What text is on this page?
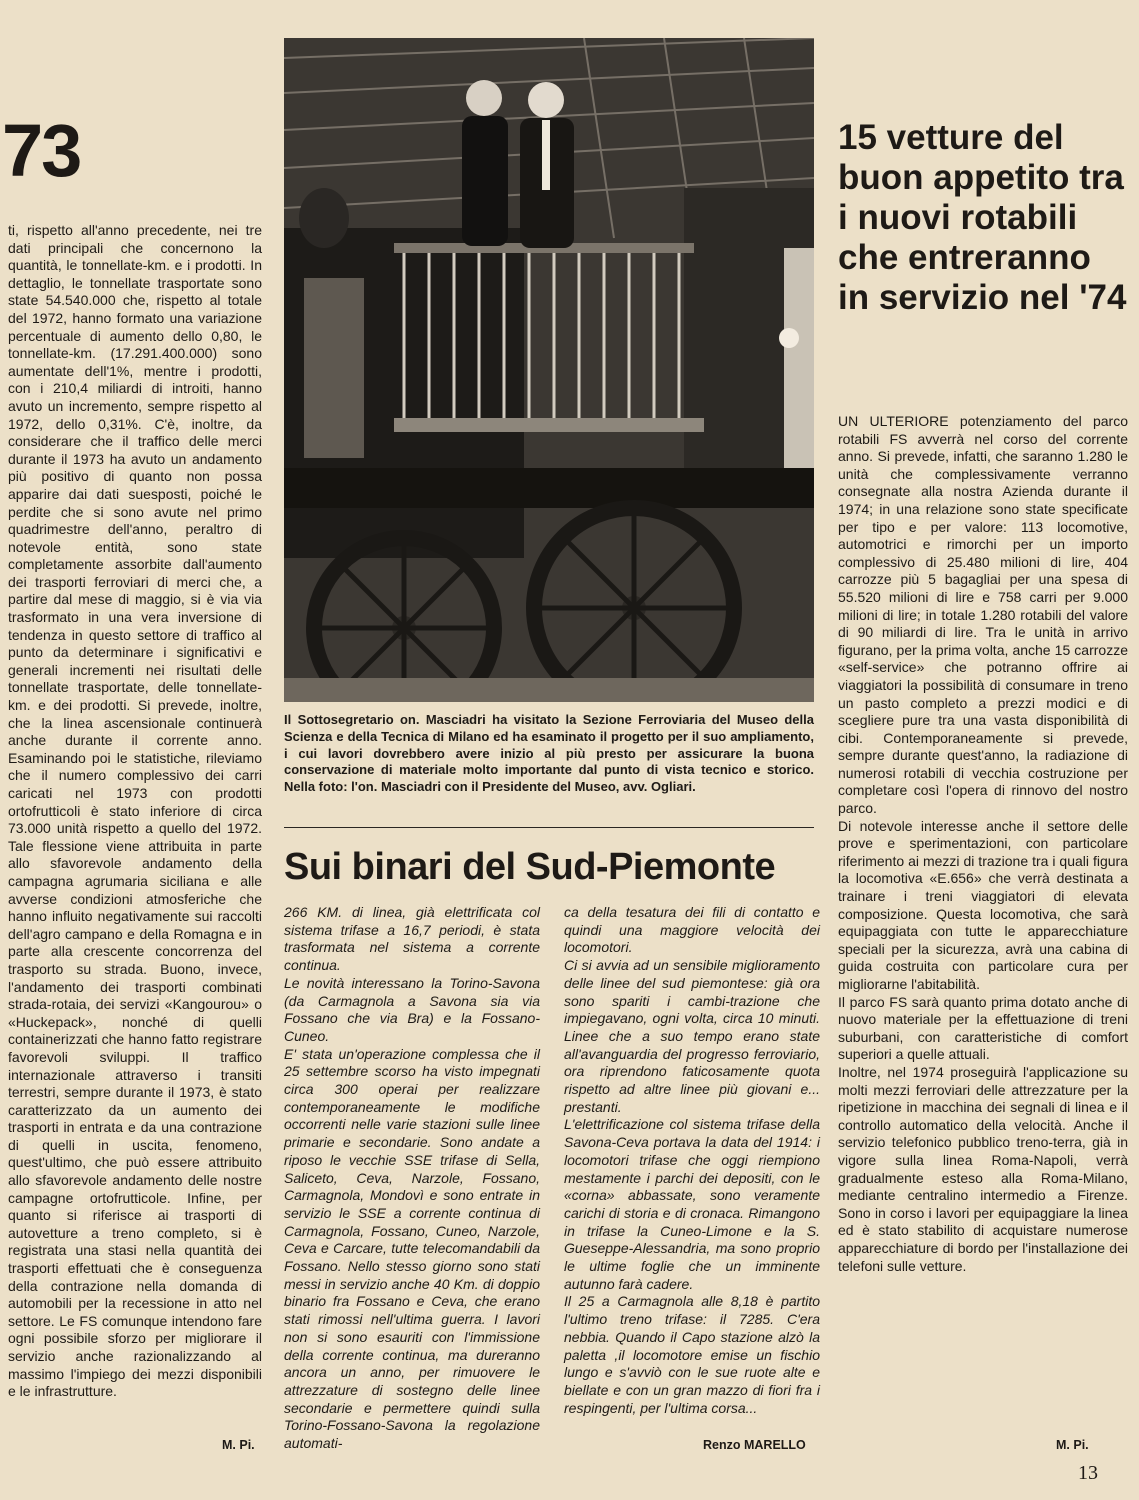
73

ti, rispetto all'anno precedente, nei tre dati principali che concernono la quantità, le tonnellate-km. e i prodotti. In dettaglio, le tonnellate trasportate sono state 54.540.000 che, rispetto al totale del 1972, hanno formato una variazione percentuale di aumento dello 0,80, le tonnellate-km. (17.291.400.000) sono aumentate dell'1%, mentre i prodotti, con i 210,4 miliardi di introiti, hanno avuto un incremento, sempre rispetto al 1972, dello 0,31%. C'è, inoltre, da considerare che il traffico delle merci durante il 1973 ha avuto un andamento più positivo di quanto non possa apparire dai dati suesposti, poiché le perdite che si sono avute nel primo quadrimestre dell'anno, peraltro di notevole entità, sono state completamente assorbite dall'aumento dei trasporti ferroviari di merci che, a partire dal mese di maggio, si è via via trasformato in una vera inversione di tendenza in questo settore di traffico al punto da determinare i significativi e generali incrementi nei risultati delle tonnellate trasportate, delle tonnellate-km. e dei prodotti. Si prevede, inoltre, che la linea ascensionale continuerà anche durante il corrente anno. Esaminando poi le statistiche, rileviamo che il numero complessivo dei carri caricati nel 1973 con prodotti ortofrutticoli è stato inferiore di circa 73.000 unità rispetto a quello del 1972. Tale flessione viene attribuita in parte allo sfavorevole andamento della campagna agrumaria siciliana e alle avverse condizioni atmosferiche che hanno influito negativamente sui raccolti dell'agro campano e della Romagna e in parte alla crescente concorrenza del trasporto su strada. Buono, invece, l'andamento dei trasporti combinati strada-rotaia, dei servizi «Kangourou» o «Huckepack», nonché di quelli containerizzati che hanno fatto registrare favorevoli sviluppi. Il traffico internazionale attraverso i transiti terrestri, sempre durante il 1973, è stato caratterizzato da un aumento dei trasporti in entrata e da una contrazione di quelli in uscita, fenomeno, quest'ultimo, che può essere attribuito allo sfavorevole andamento delle nostre campagne ortofrutticole. Infine, per quanto si riferisce ai trasporti di autovetture a treno completo, si è registrata una stasi nella quantità dei trasporti effettuati che è conseguenza della contrazione nella domanda di automobili per la recessione in atto nel settore. Le FS comunque intendono fare ogni possibile sforzo per migliorare il servizio anche razionalizzando al massimo l'impiego dei mezzi disponibili e le infrastrutture.

M. Pi.

Il Sottosegretario on. Masciadri ha visitato la Sezione Ferroviaria del Museo della Scienza e della Tecnica di Milano ed ha esaminato il progetto per il suo ampliamento, i cui lavori dovrebbero avere inizio al più presto per assicurare la buona conservazione di materiale molto importante dal punto di vista tecnico e storico. Nella foto: l'on. Masciadri con il Presidente del Museo, avv. Ogliari.

Sui binari del Sud-Piemonte

266 KM. di linea, già elettrificata col sistema trifase a 16,7 periodi, è stata trasformata nel sistema a corrente continua.

Le novità interessano la Torino-Savona (da Carmagnola a Savona sia via Fossano che via Bra) e la Fossano-Cuneo.

E' stata un'operazione complessa che il 25 settembre scorso ha visto impegnati circa 300 operai per realizzare contemporaneamente le modifiche occorrenti nelle varie stazioni sulle linee primarie e secondarie. Sono andate a riposo le vecchie SSE trifase di Sella, Saliceto, Ceva, Narzole, Fossano, Carmagnola, Mondovì e sono entrate in servizio le SSE a corrente continua di Carmagnola, Fossano, Cuneo, Narzole, Ceva e Carcare, tutte telecomandabili da Fossano. Nello stesso giorno sono stati messi in servizio anche 40 Km. di doppio binario fra Fossano e Ceva, che erano stati rimossi nell'ultima guerra. I lavori non si sono esauriti con l'immissione della corrente continua, ma dureranno ancora un anno, per rimuovere le attrezzature di sostegno delle linee secondarie e permettere quindi sulla Torino-Fossano-Savona la regolazione automati-

ca della tesatura dei fili di contatto e quindi una maggiore velocità dei locomotori.

Ci si avvia ad un sensibile miglioramento delle linee del sud piemontese: già ora sono spariti i cambi-trazione che impiegavano, ogni volta, circa 10 minuti. Linee che a suo tempo erano state all'avanguardia del progresso ferroviario, ora riprendono faticosamente quota rispetto ad altre linee più giovani e... prestanti.

L'elettrificazione col sistema trifase della Savona-Ceva portava la data del 1914: i locomotori trifase che oggi riempiono mestamente i parchi dei depositi, con le «corna» abbassate, sono veramente carichi di storia e di cronaca. Rimangono in trifase la Cuneo-Limone e la S. Gueseppe-Alessandria, ma sono proprio le ultime foglie che un imminente autunno farà cadere.

Il 25 a Carmagnola alle 8,18 è partito l'ultimo treno trifase: il 7285. C'era nebbia. Quando il Capo stazione alzò la paletta ,il locomotore emise un fischio lungo e s'avviò con le sue ruote alte e biellate e con un gran mazzo di fiori fra i respingenti, per l'ultima corsa...

Renzo MARELLO
15 vetture del buon appetito tra i nuovi rotabili che entreranno in servizio nel '74

UN ULTERIORE potenziamento del parco rotabili FS avverrà nel corso del corrente anno. Si prevede, infatti, che saranno 1.280 le unità che complessivamente verranno consegnate alla nostra Azienda durante il 1974; in una relazione sono state specificate per tipo e per valore: 113 locomotive, automotrici e rimorchi per un importo complessivo di 25.480 milioni di lire, 404 carrozze più 5 bagagliai per una spesa di 55.520 milioni di lire e 758 carri per 9.000 milioni di lire; in totale 1.280 rotabili del valore di 90 miliardi di lire. Tra le unità in arrivo figurano, per la prima volta, anche 15 carrozze «self-service» che potranno offrire ai viaggiatori la possibilità di consumare in treno un pasto completo a prezzi modici e di scegliere pure tra una vasta disponibilità di cibi. Contemporaneamente si prevede, sempre durante quest'anno, la radiazione di numerosi rotabili di vecchia costruzione per completare così l'opera di rinnovo del nostro parco.

Di notevole interesse anche il settore delle prove e sperimentazioni, con particolare riferimento ai mezzi di trazione tra i quali figura la locomotiva «E.656» che verrà destinata a trainare i treni viaggiatori di elevata composizione. Questa locomotiva, che sarà equipaggiata con tutte le apparecchiature speciali per la sicurezza, avrà una cabina di guida costruita con particolare cura per migliorarne l'abitabilità.

Il parco FS sarà quanto prima dotato anche di nuovo materiale per la effettuazione di treni suburbani, con caratteristiche di comfort superiori a quelle attuali.

Inoltre, nel 1974 proseguirà l'applicazione su molti mezzi ferroviari delle attrezzature per la ripetizione in macchina dei segnali di linea e il controllo automatico della velocità. Anche il servizio telefonico pubblico treno-terra, già in vigore sulla linea Roma-Napoli, verrà gradualmente esteso alla Roma-Milano, mediante centralino intermedio a Firenze. Sono in corso i lavori per equipaggiare la linea ed è stato stabilito di acquistare numerose apparecchiature di bordo per l'installazione dei telefoni sulle vetture.

M. Pi.
13
